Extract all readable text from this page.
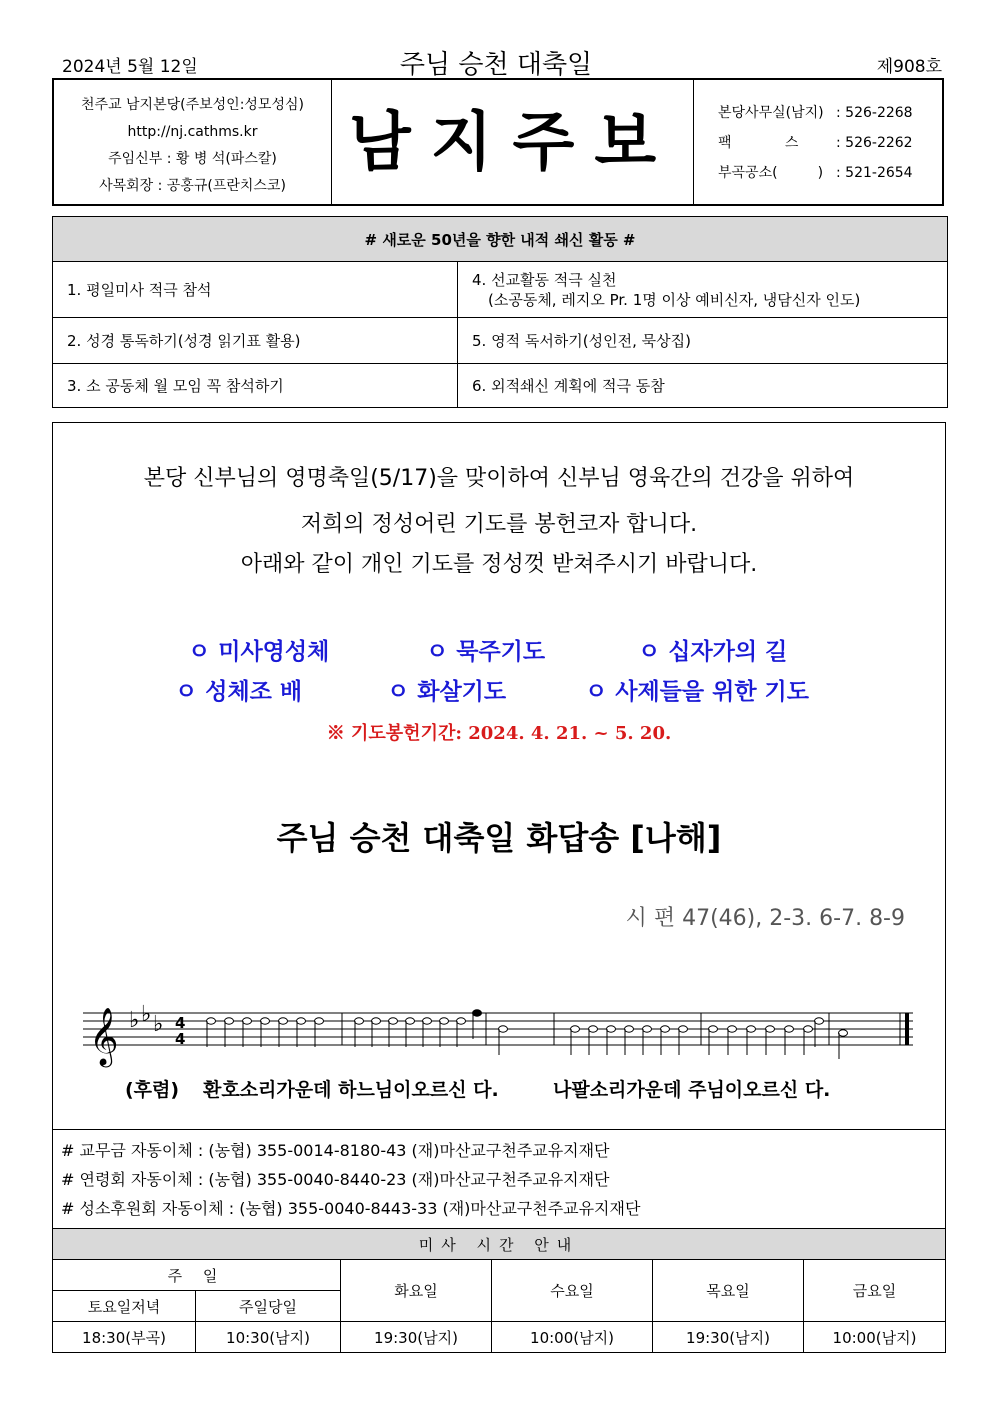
2024년 5월 12일	주님 승천 대축일	제908호
천주교 남지본당(주보성인:성모성심)
http://nj.cathms.kr
주임신부 : 황 병 석(파스칼)
사목회장 : 공홍규(프란치스코)
남지주보	본당사무실(남지) : 526-2268
팩            스	: 526-2262
부곡공소(         ) : 521-2654
# 새로운 50년을 향한 내적 쇄신 활동 #	
1. 평일미사 적극 참석	4. 선교활동 적극 실천
(소공동체, 레지오 Pr. 1명 이상 예비신자, 냉담신자 인도)

2. 성경 통독하기(성경 읽기표 활용)	5. 영적 독서하기(성인전, 묵상집)
3. 소 공동체 월 모임 꼭 참석하기	6. 외적쇄신 계획에 적극 동참
본당 신부님의 영명축일(5/17)을 맞이하여 신부님 영육간의 건강을 위하여
저희의 정성어린 기도를 봉헌코자 합니다.
아래와 같이 개인 기도를 정성껏 받쳐주시기 바랍니다.
ㅇ 미사영성체	ㅇ 묵주기도	ㅇ 십자가의 길
ㅇ 성체조 배	ㅇ 화살기도	ㅇ 사제들을 위한 기도
※ 기도봉헌기간: 2024. 4. 21. ~ 5. 20.
주님 승천 대축일 화답송 [나해]
시 편 47(46), 2-3. 6-7. 8-9
𝄞 ♭ ♭ ♭ 4
4
(후렴) 환호소리가운데 하느님이오르신 다.	나팔소리가운데 주님이오르신 다.
# 교무금 자동이체 : (농협) 355-0014-8180-43 (재)마산교구천주교유지재단
# 연령회 자동이체 : (농협) 355-0040-8440-23 (재)마산교구천주교유지재단
# 성소후원회 자동이체 : (농협) 355-0040-8443-33 (재)마산교구천주교유지재단
미사 시간 안내					
주 일		화요일	수요일	목요일	금요일
토요일저녁	주일당일				
18:30(부곡)	10:30(남지)	19:30(남지)	10:00(남지)	19:30(남지)	10:00(남지)
